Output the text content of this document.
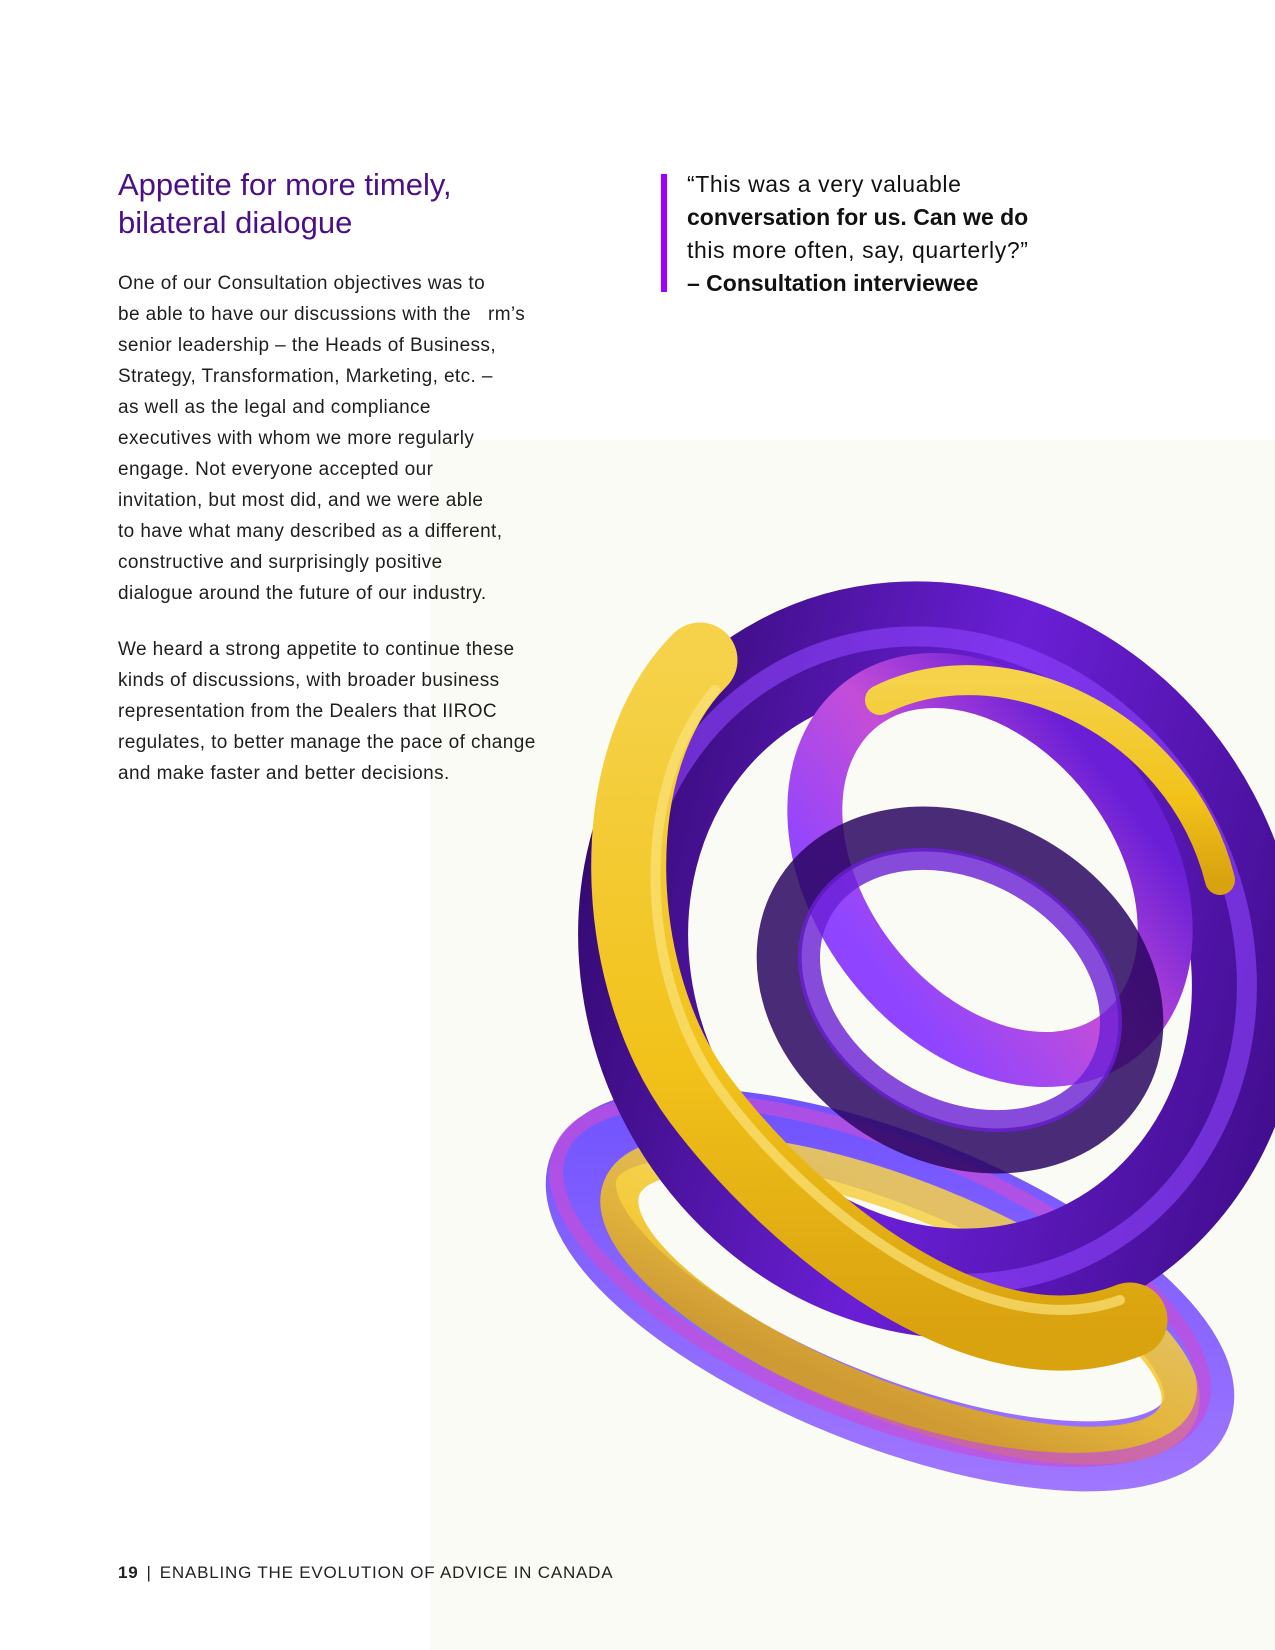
Appetite for more timely,
bilateral dialogue

One of our Consultation objectives was to
be able to have our discussions with the   rm’s
senior leadership – the Heads of Business,
Strategy, Transformation, Marketing, etc. –
as well as the legal and compliance
executives with whom we more regularly
engage. Not everyone accepted our
invitation, but most did, and we were able
to have what many described as a different,
constructive and surprisingly positive
dialogue around the future of our industry.

We heard a strong appetite to continue these
kinds of discussions, with broader business
representation from the Dealers that IIROC
regulates, to better manage the pace of change
and make faster and better decisions.

“This was a very valuable
conversation for us. Can we do
this more often, say, quarterly?”
– Consultation interviewee
19 | ENABLING THE EVOLUTION OF ADVICE IN CANADA
